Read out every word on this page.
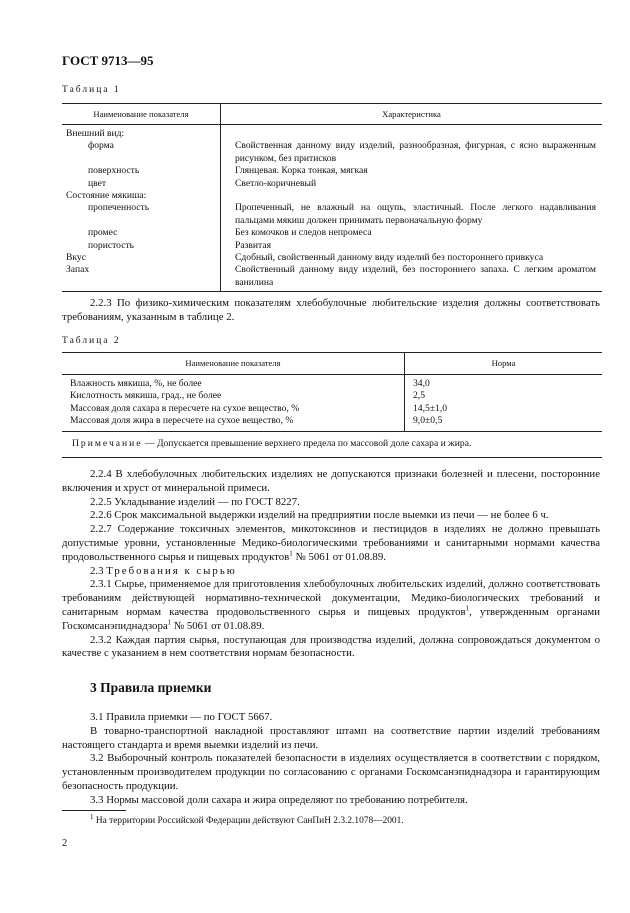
ГОСТ 9713—95
Таблица 1
Наименование показателя	Характеристика
Внешний вид:	
форма	Свойственная данному виду изделий, разнообразная, фигурная, с ясно выраженным рисунком, без притисков
поверхность	Глянцевая. Корка тонкая, мягкая
цвет	Светло-коричневый
Состояние мякиша:	
пропеченность	Пропеченный, не влажный на ощупь, эластичный. После легкого надавливания пальцами мякиш должен принимать первоначальную форму
промес	Без комочков и следов непромеса
пористость	Развитая
Вкус	Сдобный, свойственный данному виду изделий без постороннего привкуса
Запах	Свойственный данному виду изделий, без постороннего запаха. С легким ароматом ванилина

2.2.3 По физико-химическим показателям хлебобулочные любительские изделия должны соответствовать требованиям, указанным в таблице 2.

Таблица 2
Наименование показателя	Норма
Влажность мякиша, %, не более	34,0
Кислотность мякиша, град., не более	2,5
Массовая доля сахара в пересчете на сухое вещество, %	14,5±1,0
Массовая доля жира в пересчете на сухое вещество, %	9,0±0,5
Примечание — Допускается превышение верхнего предела по массовой доле сахара и жира.	

2.2.4 В хлебобулочных любительских изделиях не допускаются признаки болезней и плесени, посторонние включения и хруст от минеральной примеси.

2.2.5 Укладывание изделий — по ГОСТ 8227.

2.2.6 Срок максимальной выдержки изделий на предприятии после выемки из печи — не более 6 ч.

2.2.7 Содержание токсичных элементов, микотоксинов и пестицидов в изделиях не должно превышать допустимые уровни, установленные Медико-биологическими требованиями и санитарными нормами качества продовольственного сырья и пищевых продуктов$^1$ № 5061 от 01.08.89.

2.3 Требования к сырью

2.3.1 Сырье, применяемое для приготовления хлебобулочных любительских изделий, должно соответствовать требованиям действующей нормативно-технической документации, Медико-биологических требований и санитарным нормам качества продовольственного сырья и пищевых продуктов$^1$, утвержденным органами Госкомсанэпиднадзора$^1$ № 5061 от 01.08.89.

2.3.2 Каждая партия сырья, поступающая для производства изделий, должна сопровождаться документом о качестве с указанием в нем соответствия нормам безопасности.

3 Правила приемки

3.1 Правила приемки — по ГОСТ 5667.

В товарно-транспортной накладной проставляют штамп на соответствие партии изделий требованиям настоящего стандарта и время выемки изделий из печи.

3.2 Выборочный контроль показателей безопасности в изделиях осуществляется в соответствии с порядком, установленным производителем продукции по согласованию с органами Госкомсанэпиднадзора и гарантирующим безопасность продукции.

3.3 Нормы массовой доли сахара и жира определяют по требованию потребителя.

$^1$ На территории Российской Федерации действуют СанПиН 2.3.2.1078—2001.
2
